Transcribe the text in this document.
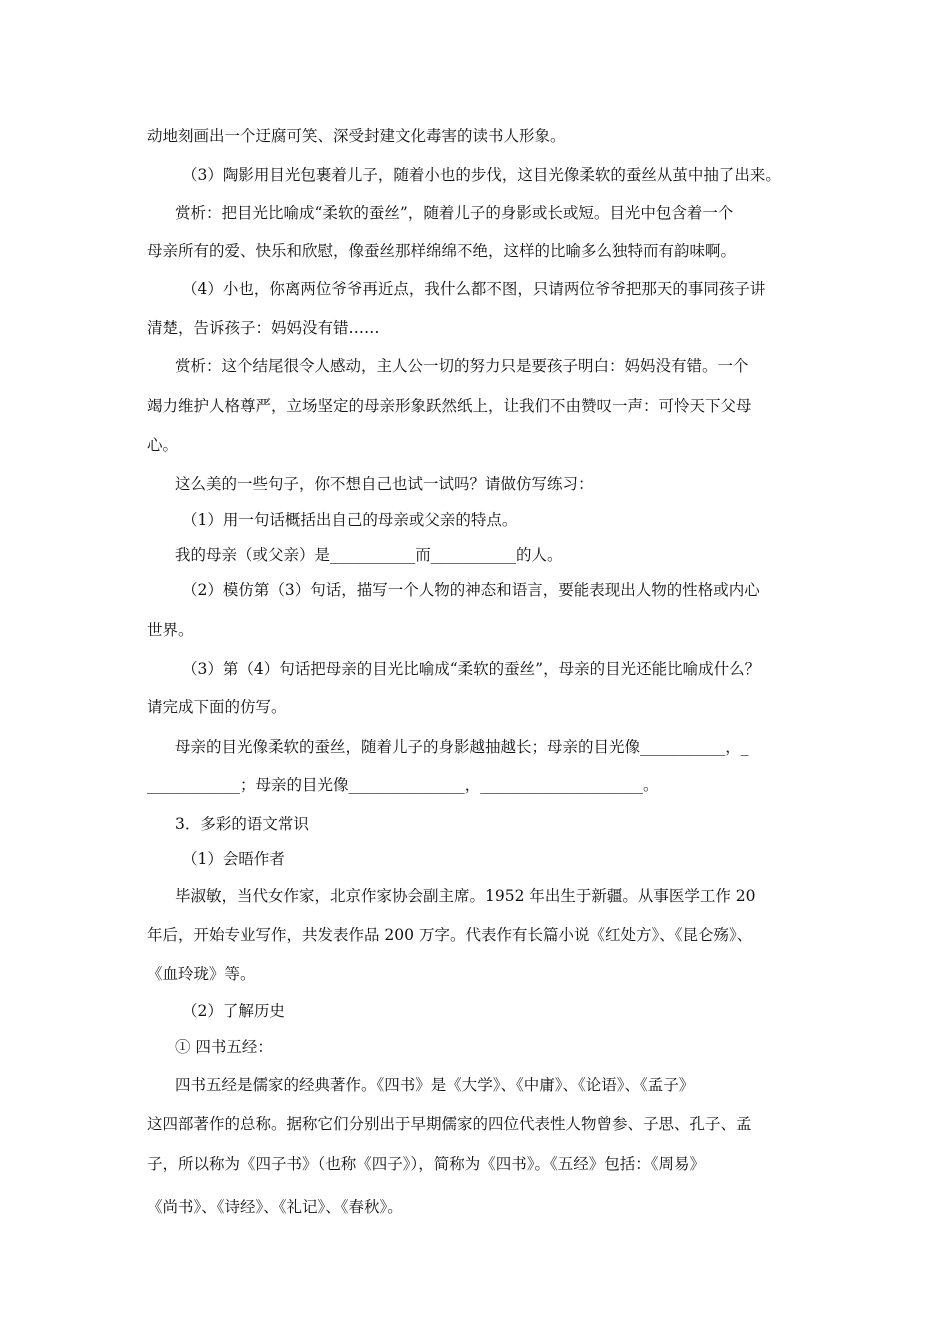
动地刻画出一个迂腐可笑、深受封建文化毒害的读书人形象。
（3）陶影用目光包裹着儿子，随着小也的步伐，这目光像柔软的蚕丝从茧中抽了出来。
赏析：把目光比喻成“柔软的蚕丝”，随着儿子的身影或长或短。目光中包含着一个
母亲所有的爱、快乐和欣慰，像蚕丝那样绵绵不绝，这样的比喻多么独特而有韵味啊。
（4）小也，你离两位爷爷再近点，我什么都不图，只请两位爷爷把那天的事同孩子讲
清楚，告诉孩子：妈妈没有错……
赏析：这个结尾很令人感动，主人公一切的努力只是要孩子明白：妈妈没有错。一个
竭力维护人格尊严，立场坚定的母亲形象跃然纸上，让我们不由赞叹一声：可怜天下父母
心。
这么美的一些句子，你不想自己也试一试吗？请做仿写练习：
（1）用一句话概括出自己的母亲或父亲的特点。
我的母亲（或父亲）是___________而___________的人。
（2）模仿第（3）句话，描写一个人物的神态和语言，要能表现出人物的性格或内心
世界。
（3）第（4）句话把母亲的目光比喻成“柔软的蚕丝”，母亲的目光还能比喻成什么？
请完成下面的仿写。
母亲的目光像柔软的蚕丝，随着儿子的身影越抽越长；母亲的目光像___________，_
____________；母亲的目光像_______________，_____________________。
3．多彩的语文常识
（1）会晤作者
毕淑敏，当代女作家，北京作家协会副主席。1952 年出生于新疆。从事医学工作 20
年后，开始专业写作，共发表作品 200 万字。代表作有长篇小说《红处方》、《昆仑殇》、
《血玲珑》等。
（2）了解历史
① 四书五经：
四书五经是儒家的经典著作。《四书》是《大学》、《中庸》、《论语》、《孟子》
这四部著作的总称。据称它们分别出于早期儒家的四位代表性人物曾参、子思、孔子、孟
子，所以称为《四子书》（也称《四子》），简称为《四书》。《五经》包括：《周易》
《尚书》、《诗经》、《礼记》、《春秋》。
